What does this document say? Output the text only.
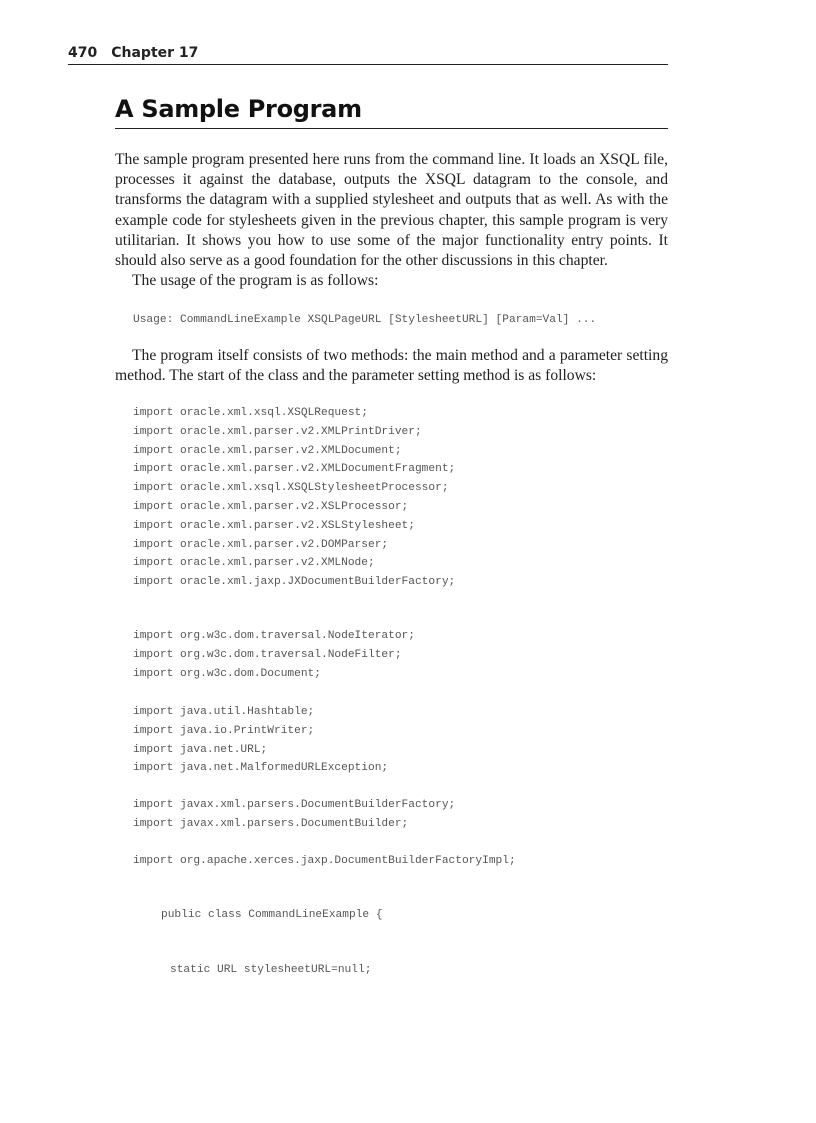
470 Chapter 17
A Sample Program

The sample program presented here runs from the command line. It loads an XSQL file, processes it against the database, outputs the XSQL datagram to the console, and transforms the datagram with a supplied stylesheet and outputs that as well. As with the example code for stylesheets given in the previous chapter, this sample program is very utilitarian. It shows you how to use some of the major functionality entry points. It should also serve as a good foundation for the other discussions in this chapter.

The usage of the program is as follows:

Usage: CommandLineExample XSQLPageURL [StylesheetURL] [Param=Val] ...

The program itself consists of two methods: the main method and a parameter setting method. The start of the class and the parameter setting method is as follows:

import oracle.xml.xsql.XSQLRequest;
import oracle.xml.parser.v2.XMLPrintDriver;
import oracle.xml.parser.v2.XMLDocument;
import oracle.xml.parser.v2.XMLDocumentFragment;
import oracle.xml.xsql.XSQLStylesheetProcessor;
import oracle.xml.parser.v2.XSLProcessor;
import oracle.xml.parser.v2.XSLStylesheet;
import oracle.xml.parser.v2.DOMParser;
import oracle.xml.parser.v2.XMLNode;
import oracle.xml.jaxp.JXDocumentBuilderFactory;
import org.w3c.dom.traversal.NodeIterator;
import org.w3c.dom.traversal.NodeFilter;
import org.w3c.dom.Document;
import java.util.Hashtable;
import java.io.PrintWriter;
import java.net.URL;
import java.net.MalformedURLException;
import javax.xml.parsers.DocumentBuilderFactory;
import javax.xml.parsers.DocumentBuilder;
import org.apache.xerces.jaxp.DocumentBuilderFactoryImpl;
public class CommandLineExample {
static URL stylesheetURL=null;
